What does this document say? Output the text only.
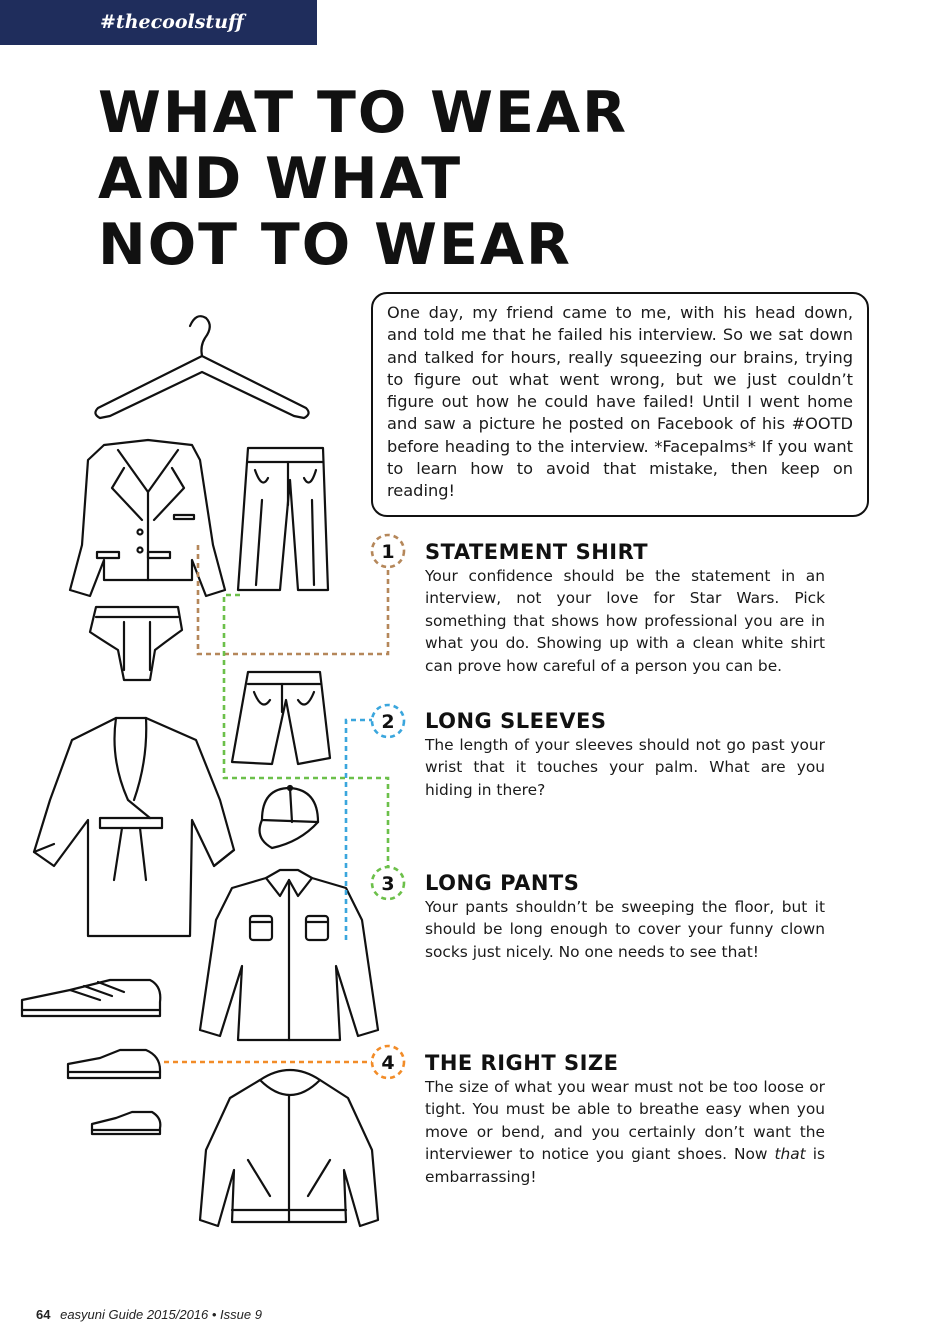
#thecoolstuff
WHAT TO WEAR
AND WHAT
NOT TO WEAR
One day, my friend came to me, with his head down, and told me that he failed his interview. So we sat down and talked for hours, really squeezing our brains, trying to figure out what went wrong, but we just couldn’t figure out how he could have failed! Until I went home and saw a picture he posted on Facebook of his #OOTD before heading to the interview. *Facepalms* If you want to learn how to avoid that mistake, then keep on reading!
1
2
3
4
STATEMENT SHIRT

Your confidence should be the statement in an interview, not your love for Star Wars. Pick something that shows how professional you are in what you do. Showing up with a clean white shirt can prove how careful of a person you can be.

LONG SLEEVES

The length of your sleeves should not go past your wrist that it touches your palm. What are you hiding in there?

LONG PANTS

Your pants shouldn’t be sweeping the floor, but it should be long enough to cover your funny clown socks just nicely. No one needs to see that!

THE RIGHT SIZE

The size of what you wear must not be too loose or tight. You must be able to breathe easy when you move or bend, and you certainly don’t want the interviewer to notice you giant shoes. Now that is embarrassing!

64 easyuni Guide 2015/2016 • Issue 9
